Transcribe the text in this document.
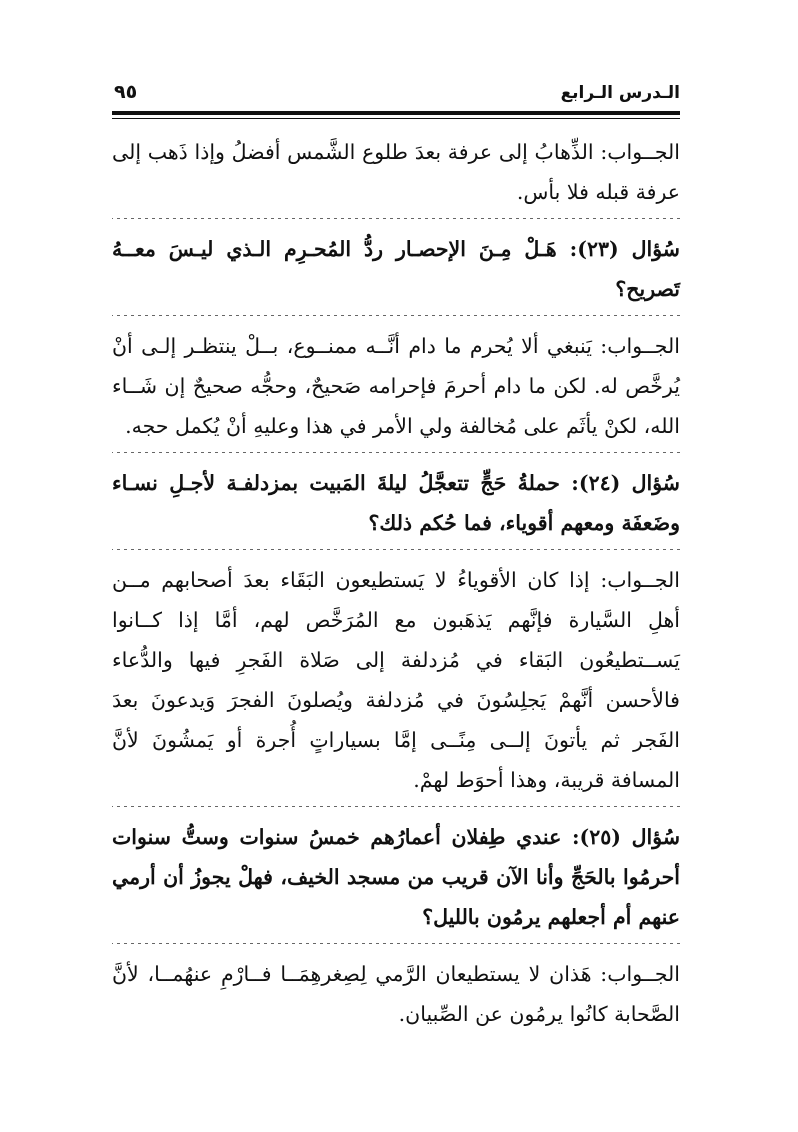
الـدرس الـرابع
٩٥

الجــواب: الذِّهابُ إلى عرفة بعدَ طلوع الشَّمس أفضلُ وإذا ذَهب إلى عرفة قبله فلا بأس.

سُؤال (٢٣): هَـلْ مِـنَ الإحصـار ردُّ المُحـرِم الـذي ليـسَ معــهُ تَصريح؟

الجــواب: يَنبغي ألا يُحرم ما دام أنَّــه ممنــوع، بــلْ ينتظـر إلـى أنْ يُرخَّص له. لكن ما دام أحرمَ فإحرامه صَحيحٌ، وحجُّه صحيحٌ إن شَــاء الله، لكنْ يأثَم على مُخالفة ولي الأمر في هذا وعليهِ أنْ يُكمل حجه.

سُؤال (٢٤): حملةُ حَجٍّ تتعجَّلُ ليلةَ المَبيت بمزدلفـة لأجـلِ نسـاء وضَعفَة ومعهم أقوياء، فما حُكم ذلك؟

الجــواب: إذا كان الأقوياءُ لا يَستطيعون البَقَاء بعدَ أصحابهم مــن أهلِ السَّيارة فإنَّهم يَذهَبون مع المُرَخَّص لهم، أمَّا إذا كــانوا يَســتطيعُون البَقاء في مُزدلفة إلى صَلاة الفَجرِ فيها والدُّعاء فالأحسن أنَّهمْ يَجلِسُونَ في مُزدلفة ويُصلونَ الفجرَ وَيدعونَ بعدَ الفَجر ثم يأتونَ إلــى مِنًــى إمَّا بسياراتٍ أُجرة أو يَمشُونَ لأنَّ المسافة قريبة، وهذا أحوَط لهمْ.

سُؤال (٢٥): عندي طِفلان أعمارُهم خمسُ سنوات وستُّ سنوات أحرمُوا بالحَجِّ وأنا الآن قريب من مسجد الخيف، فهلْ يجوزُ أن أرمي عنهم أم أجعلهم يرمُون بالليل؟

الجــواب: هَذان لا يستطيعان الرَّمي لِصِغرهِمَــا فــارْمِ عنهُمــا، لأنَّ الصَّحابة كانُوا يرمُون عن الصِّبيان.
